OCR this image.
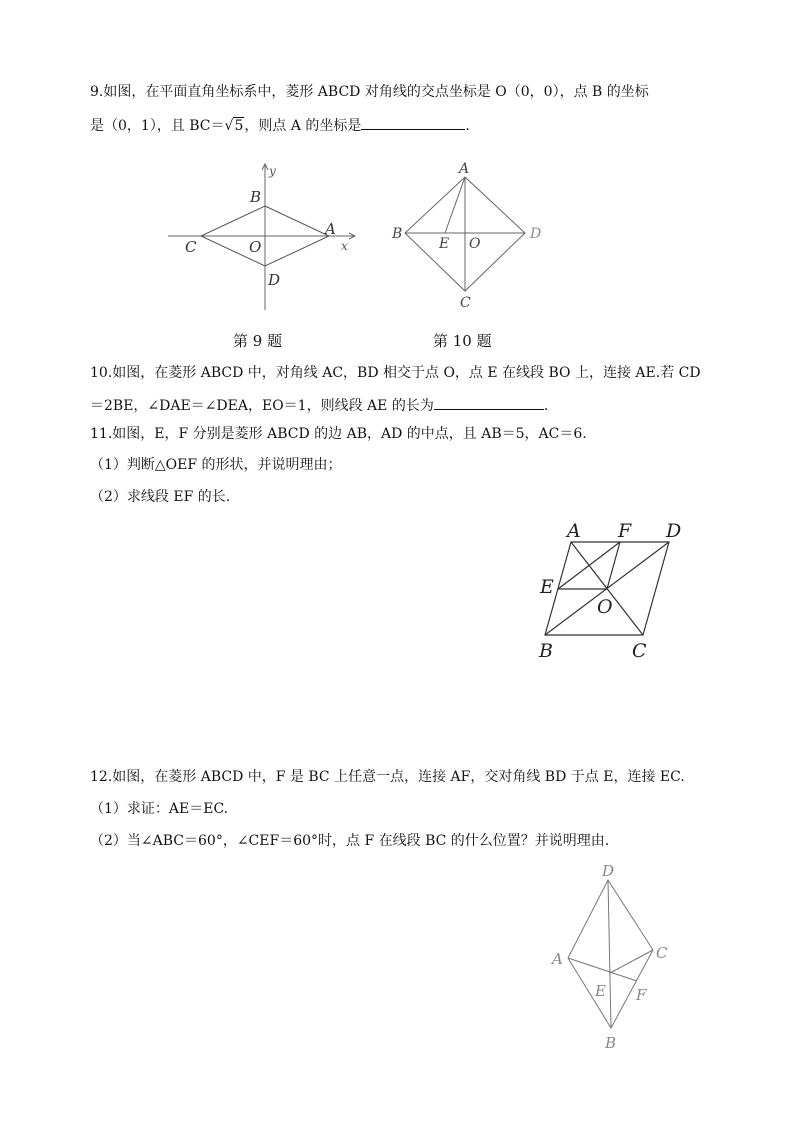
9.如图，在平面直角坐标系中，菱形 ABCD 对角线的交点坐标是 O（0，0），点 B 的坐标
是（0，1），且 BC＝√5，则点 A 的坐标是	.
y
x
B
C	O
A
D
A
B
E O
D
C
第 9 题	第 10 题
10.如图，在菱形 ABCD 中，对角线 AC，BD 相交于点 O，点 E 在线段 BO 上，连接 AE.若 CD
＝2BE，∠DAE＝∠DEA，EO＝1，则线段 AE 的长为	.
11.如图，E，F 分别是菱形 ABCD 的边 AB，AD 的中点，且 AB＝5，AC＝6.
（1）判断△OEF 的形状，并说明理由；
（2）求线段 EF 的长.
A F D
E
O
B	C
12.如图，在菱形 ABCD 中，F 是 BC 上任意一点，连接 AF，交对角线 BD 于点 E，连接 EC.
（1）求证：AE＝EC.
（2）当∠ABC＝60°，∠CEF＝60°时，点 F 在线段 BC 的什么位置？并说明理由.
D
A	C
E F
B
